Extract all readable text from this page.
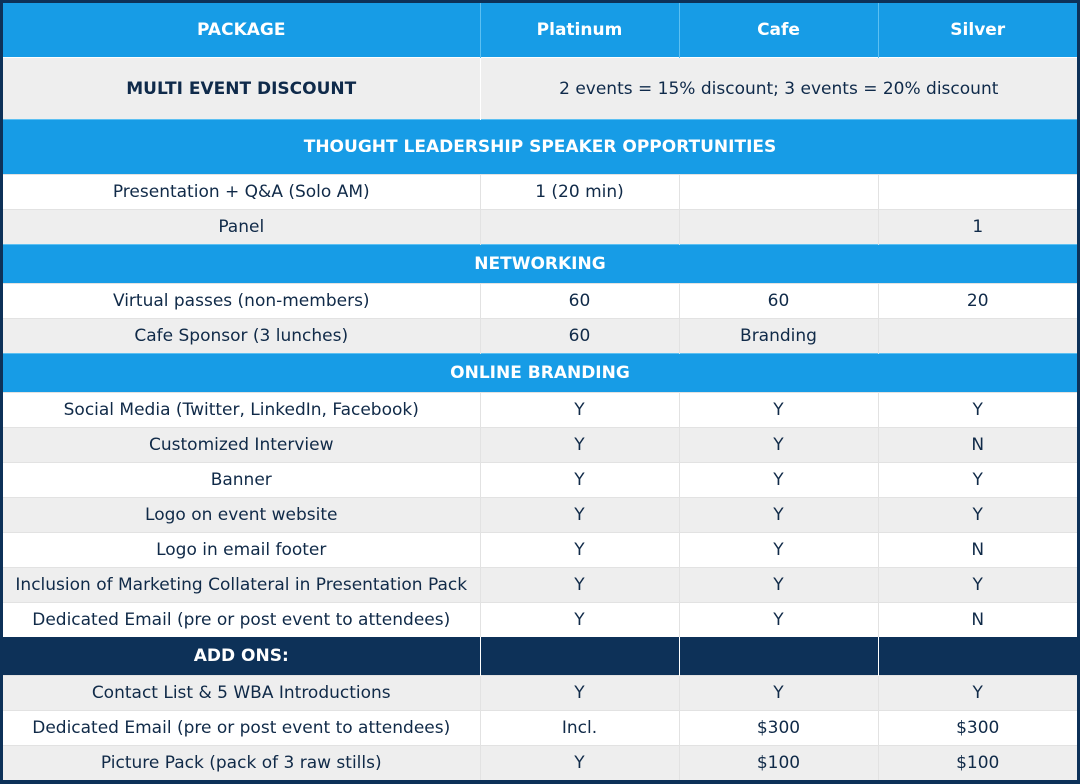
PACKAGE	Platinum	Cafe	Silver
MULTI EVENT DISCOUNT	2 events = 15% discount; 3 events = 20% discount		
THOUGHT LEADERSHIP SPEAKER OPPORTUNITIES			
Presentation + Q&A (Solo AM)	1 (20 min)		
Panel			1
NETWORKING			
Virtual passes (non-members)	60	60	20
Cafe Sponsor (3 lunches)	60	Branding	
ONLINE BRANDING			
Social Media (Twitter, LinkedIn, Facebook)	Y	Y	Y
Customized Interview	Y	Y	N
Banner	Y	Y	Y
Logo on event website	Y	Y	Y
Logo in email footer	Y	Y	N
Inclusion of Marketing Collateral in Presentation Pack	Y	Y	Y
Dedicated Email (pre or post event to attendees)	Y	Y	N
ADD ONS:			
Contact List & 5 WBA Introductions	Y	Y	Y
Dedicated Email (pre or post event to attendees)	Incl.	$300	$300
Picture Pack (pack of 3 raw stills)	Y	$100	$100
